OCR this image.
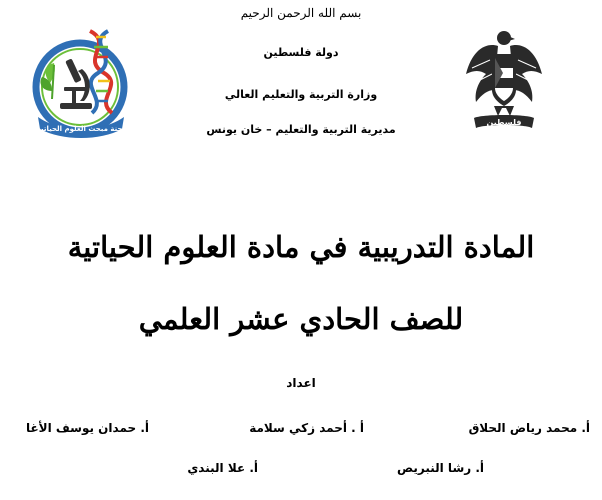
بسم الله الرحمن الرحيم
دولة فلسطين
وزارة التربية والتعليم العالي
مديرية التربية والتعليم – خان يونس
فلسطين
لجنة مبحث العلوم الحياتية
المادة التدريبية في مادة العلوم الحياتية
للصف الحادي عشر العلمي
اعداد
أ. محمد رياض الحلاق
أ . أحمد زكي سلامة
أ. حمدان يوسف الأغا
أ. رشا النبريص
أ. علا البندي
